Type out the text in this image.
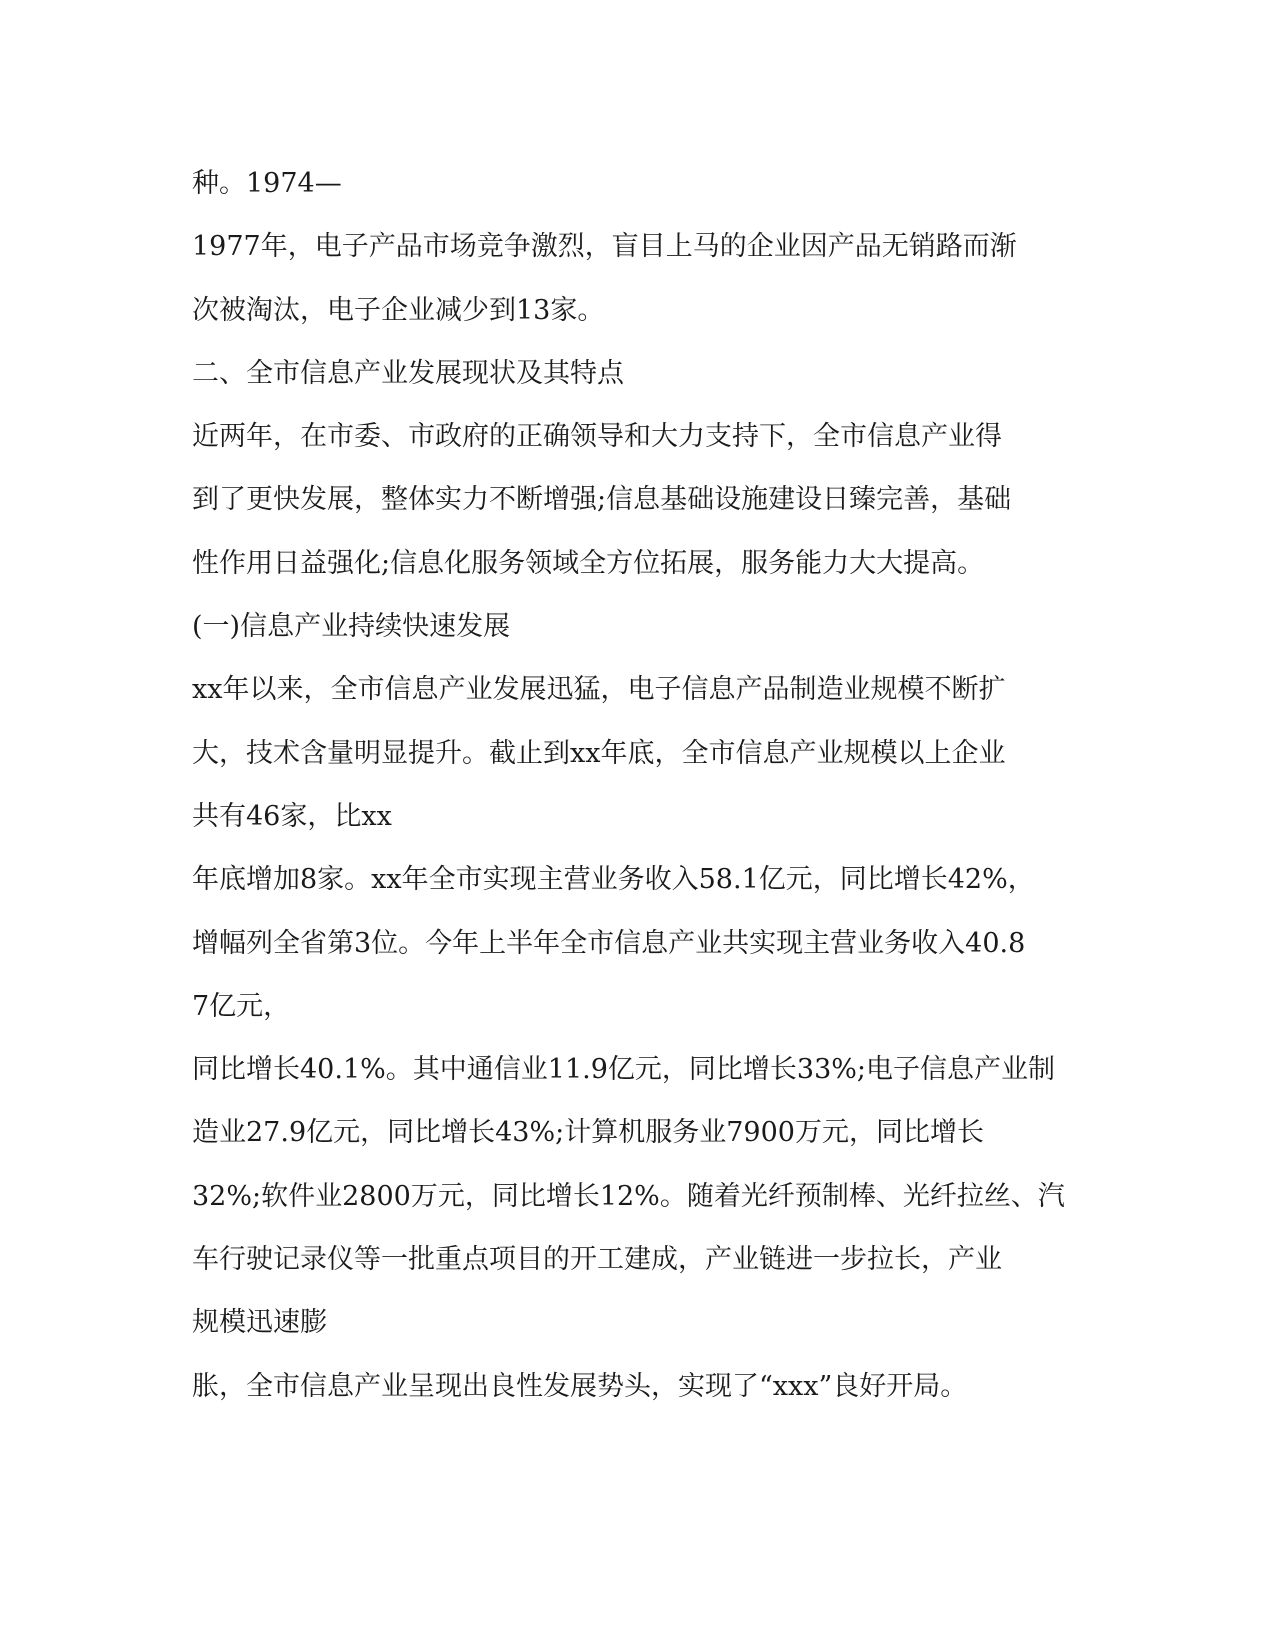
种。1974—
1977年，电子产品市场竞争激烈，盲目上马的企业因产品无销路而渐
次被淘汰，电子企业减少到13家。
二、全市信息产业发展现状及其特点
近两年，在市委、市政府的正确领导和大力支持下，全市信息产业得
到了更快发展，整体实力不断增强;信息基础设施建设日臻完善，基础
性作用日益强化;信息化服务领域全方位拓展，服务能力大大提高。
(一)信息产业持续快速发展
xx年以来，全市信息产业发展迅猛，电子信息产品制造业规模不断扩
大，技术含量明显提升。截止到xx年底，全市信息产业规模以上企业
共有46家，比xx
年底增加8家。xx年全市实现主营业务收入58.1亿元，同比增长42%，
增幅列全省第3位。今年上半年全市信息产业共实现主营业务收入40.8
7亿元，
同比增长40.1%。其中通信业11.9亿元，同比增长33%;电子信息产业制
造业27.9亿元，同比增长43%;计算机服务业7900万元，同比增长
32%;软件业2800万元，同比增长12%。随着光纤预制棒、光纤拉丝、汽
车行驶记录仪等一批重点项目的开工建成，产业链进一步拉长，产业
规模迅速膨
胀，全市信息产业呈现出良性发展势头，实现了“xxx”良好开局。
